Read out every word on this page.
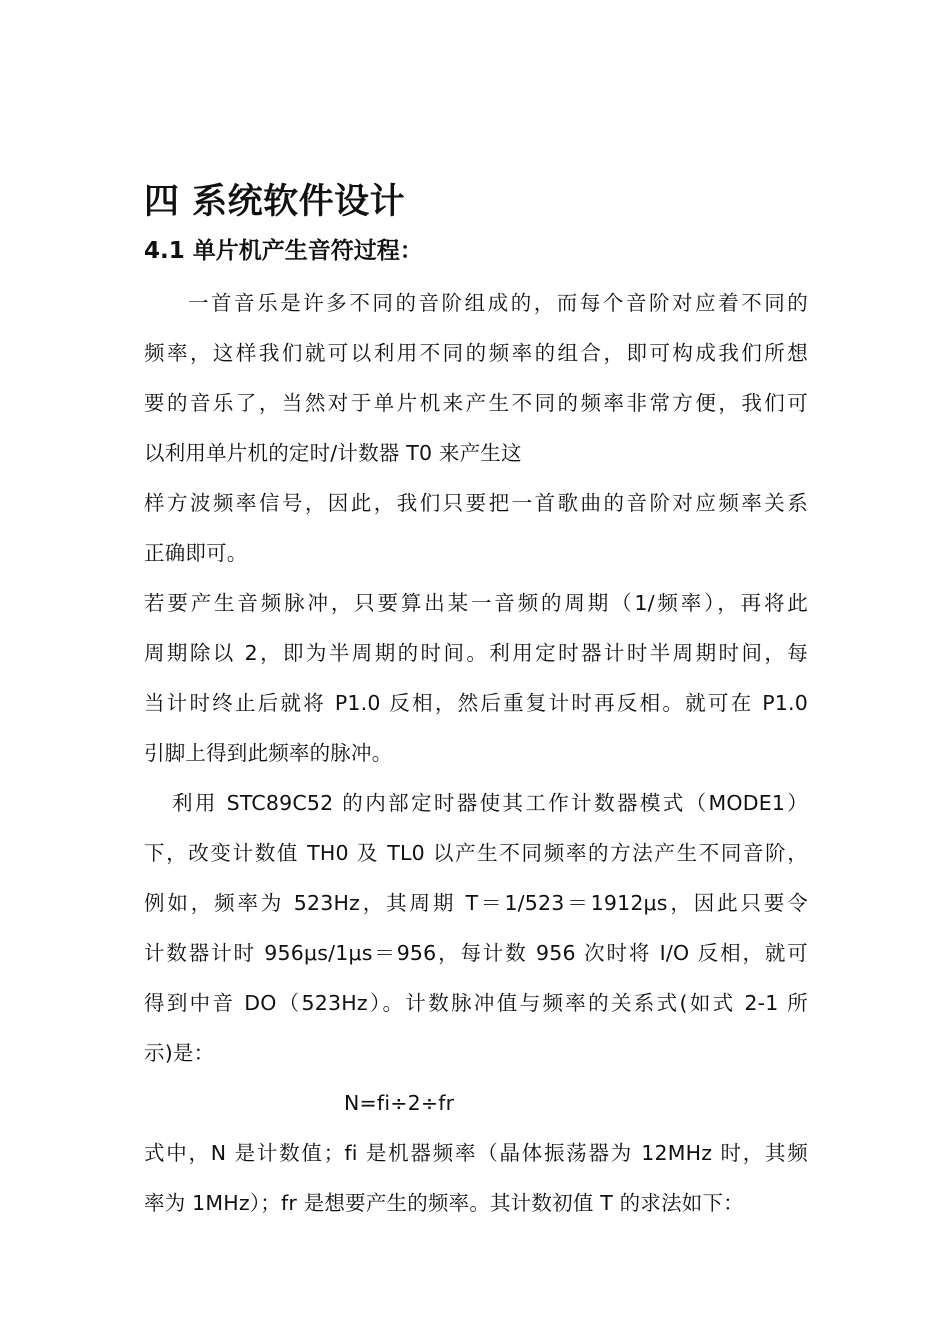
四 系统软件设计
4.1 单片机产生音符过程：
一首音乐是许多不同的音阶组成的，而每个音阶对应着不同的
频率，这样我们就可以利用不同的频率的组合，即可构成我们所想
要的音乐了，当然对于单片机来产生不同的频率非常方便，我们可
以利用单片机的定时/计数器 T0 来产生这
样方波频率信号，因此，我们只要把一首歌曲的音阶对应频率关系
正确即可。
若要产生音频脉冲，只要算出某一音频的周期（1/频率），再将此
周期除以 2，即为半周期的时间。利用定时器计时半周期时间，每
当计时终止后就将 P1.0 反相，然后重复计时再反相。就可在 P1.0
引脚上得到此频率的脉冲。
利用 STC89C52 的内部定时器使其工作计数器模式（MODE1）
下，改变计数值 TH0 及 TL0 以产生不同频率的方法产生不同音阶，
例如，频率为 523Hz，其周期 T＝1/523＝1912μs，因此只要令
计数器计时 956μs/1μs＝956，每计数 956 次时将 I/O 反相，就可
得到中音 DO（523Hz）。计数脉冲值与频率的关系式(如式 2-1 所
示)是：
N=fi÷2÷fr
式中，N 是计数值；fi 是机器频率（晶体振荡器为 12MHz 时，其频
率为 1MHz）；fr 是想要产生的频率。其计数初值 T 的求法如下：
